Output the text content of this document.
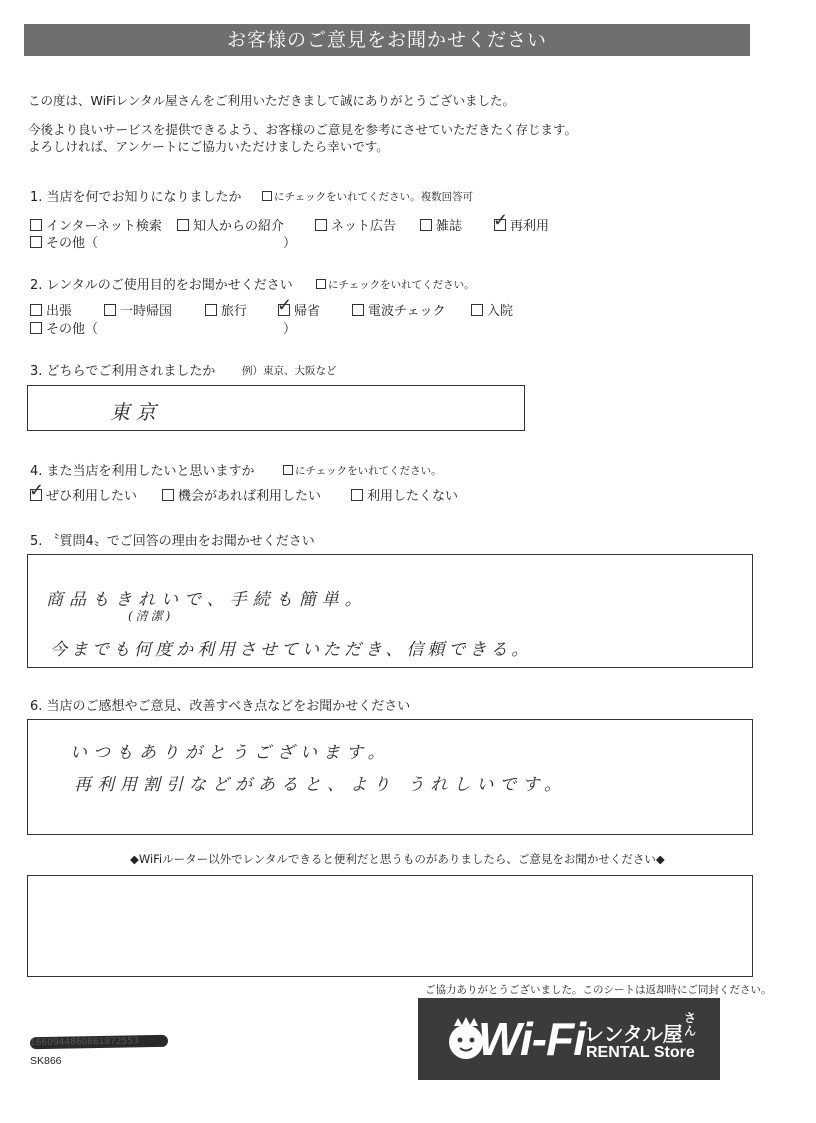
お客様のご意見をお聞かせください
この度は、WiFiレンタル屋さんをご利用いただきまして誠にありがとうございました。
今後より良いサービスを提供できるよう、お客様のご意見を参考にさせていただきたく存じます。
よろしければ、アンケートにご協力いただけましたら幸いです。
1. 当店を何でお知りになりましたか	にチェックをいれてください。複数回答可
インターネット検索 知人からの紹介	ネット広告	雑誌 ✓ 再利用
その他（	）
2. レンタルのご使用目的をお聞かせください	にチェックをいれてください。
出張	一時帰国	旅行 ✓ 帰省	電波チェック	入院
その他（	）
3. どちらでご利用されましたか	例）東京、大阪など
東京
4. また当店を利用したいと思いますか	にチェックをいれてください。
✓ ぜひ利用したい	機会があれば利用したい	利用したくない
5. 〝質問4〟でご回答の理由をお聞かせください
商品もきれいで、手続も簡単。
(清潔)
今までも何度か利用させていただき、信頼できる。
6. 当店のご感想やご意見、改善すべき点などをお聞かせください
いつもありがとうございます。
再利用割引などがあると、より うれしいです。
◆WiFiルーター以外でレンタルできると便利だと思うものがありましたら、ご意見をお聞かせください◆
ご協力ありがとうございました。このシートは返却時にご同封ください。
Wi-Fi レンタル屋
さん
RENTAL Store
1660944860861872553
SK866
